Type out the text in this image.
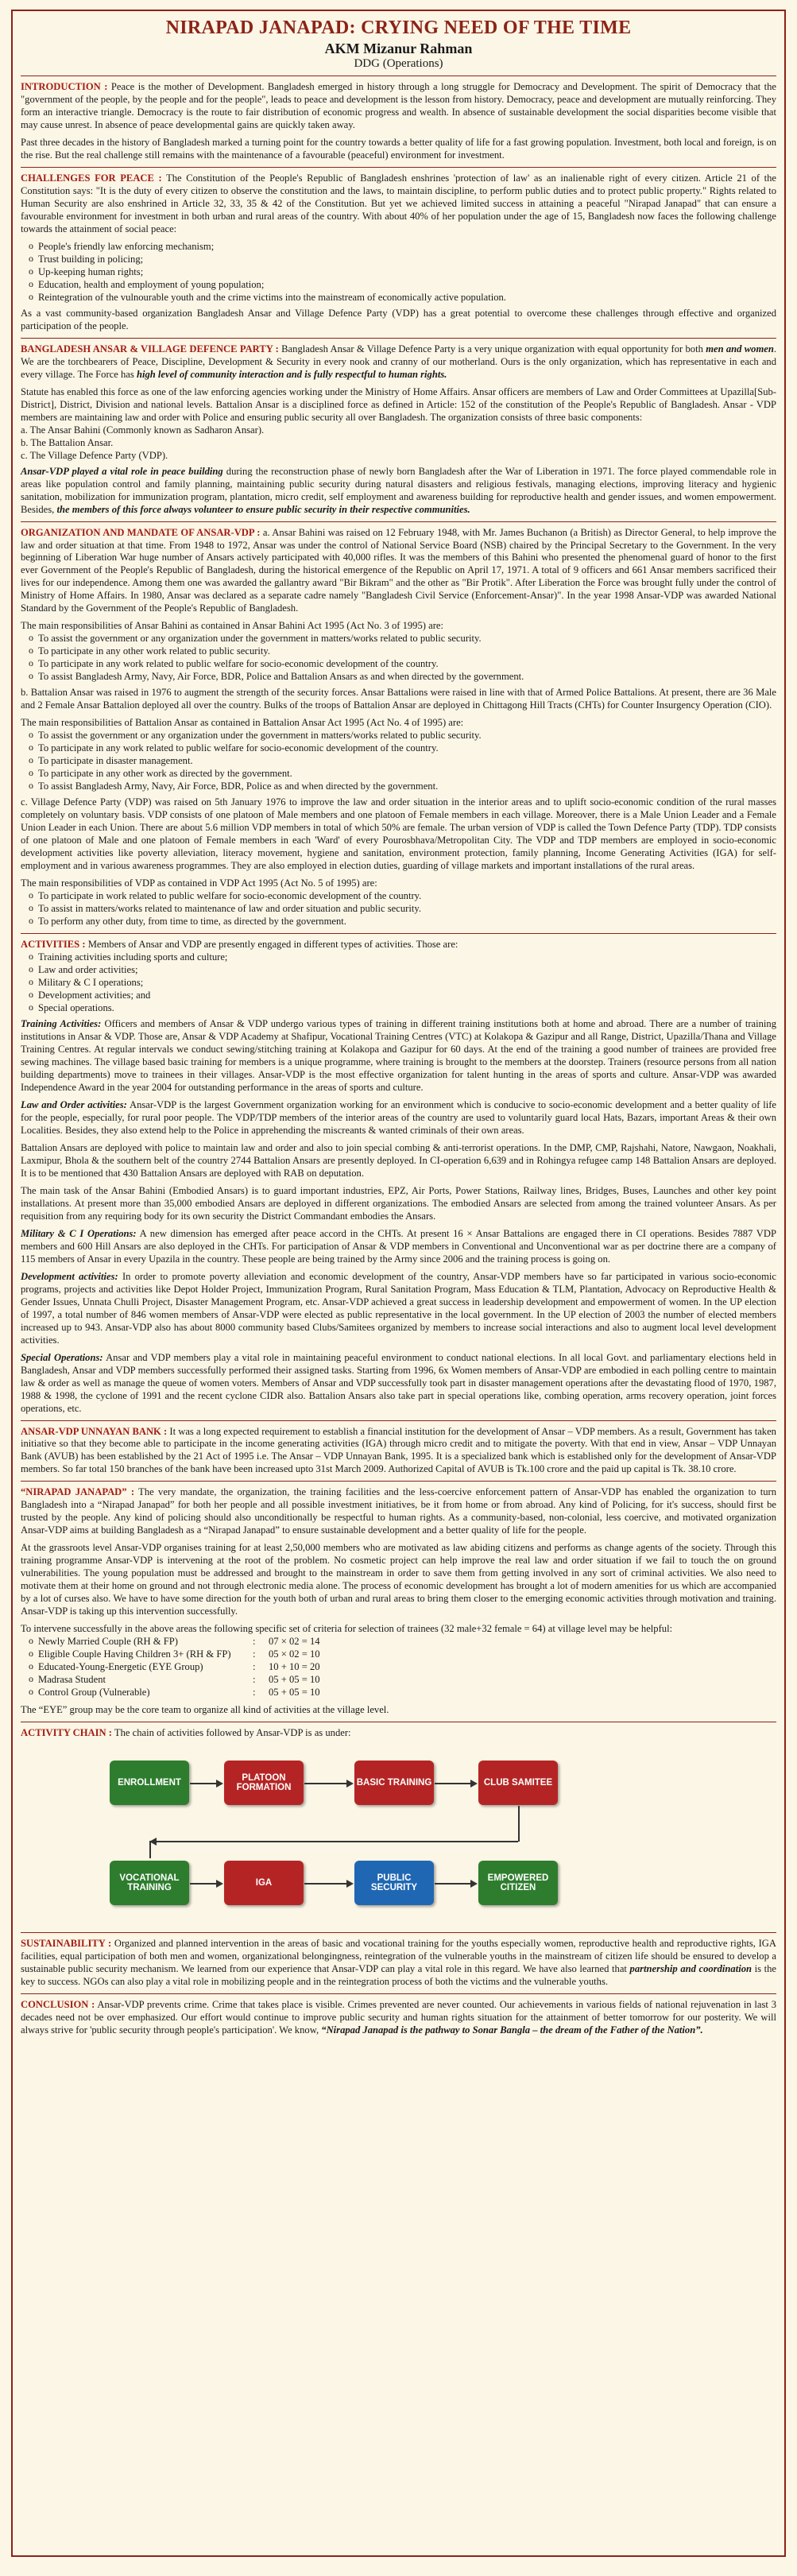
NIRAPAD JANAPAD: CRYING NEED OF THE TIME
AKM Mizanur Rahman
DDG (Operations)

INTRODUCTION : Peace is the mother of Development. Bangladesh emerged in history through a long struggle for Democracy and Development. The spirit of Democracy that the "government of the people, by the people and for the people", leads to peace and development is the lesson from history. Democracy, peace and development are mutually reinforcing. They form an interactive triangle. Democracy is the route to fair distribution of economic progress and wealth. In absence of sustainable development the social disparities become visible that may cause unrest. In absence of peace developmental gains are quickly taken away.

Past three decades in the history of Bangladesh marked a turning point for the country towards a better quality of life for a fast growing population. Investment, both local and foreign, is on the rise. But the real challenge still remains with the maintenance of a favourable (peaceful) environment for investment.

CHALLENGES FOR PEACE : The Constitution of the People's Republic of Bangladesh enshrines 'protection of law' as an inalienable right of every citizen. Article 21 of the Constitution says: "It is the duty of every citizen to observe the constitution and the laws, to maintain discipline, to perform public duties and to protect public property." Rights related to Human Security are also enshrined in Article 32, 33, 35 & 42 of the Constitution. But yet we achieved limited success in attaining a peaceful "Nirapad Janapad" that can ensure a favourable environment for investment in both urban and rural areas of the country. With about 40% of her population under the age of 15, Bangladesh now faces the following challenge towards the attainment of social peace:

o People's friendly law enforcing mechanism;
o Trust building in policing;
o Up-keeping human rights;
o Education, health and employment of young population;
o Reintegration of the vulnourable youth and the crime victims into the mainstream of economically active population.

As a vast community-based organization Bangladesh Ansar and Village Defence Party (VDP) has a great potential to overcome these challenges through effective and organized participation of the people.

BANGLADESH ANSAR & VILLAGE DEFENCE PARTY : Bangladesh Ansar & Village Defence Party is a very unique organization with equal opportunity for both men and women. We are the torchbearers of Peace, Discipline, Development & Security in every nook and cranny of our motherland. Ours is the only organization, which has representative in each and every village. The Force has high level of community interaction and is fully respectful to human rights.

Statute has enabled this force as one of the law enforcing agencies working under the Ministry of Home Affairs. Ansar officers are members of Law and Order Committees at Upazilla[Sub-District], District, Division and national levels. Battalion Ansar is a disciplined force as defined in Article: 152 of the constitution of the People's Republic of Bangladesh. Ansar - VDP members are maintaining law and order with Police and ensuring public security all over Bangladesh. The organization consists of three basic components:

a. The Ansar Bahini (Commonly known as Sadharon Ansar).
b. The Battalion Ansar.
c. The Village Defence Party (VDP).

Ansar-VDP played a vital role in peace building during the reconstruction phase of newly born Bangladesh after the War of Liberation in 1971. The force played commendable role in areas like population control and family planning, maintaining public security during natural disasters and religious festivals, managing elections, improving literacy and hygienic sanitation, mobilization for immunization program, plantation, micro credit, self employment and awareness building for reproductive health and gender issues, and women empowerment. Besides, the members of this force always volunteer to ensure public security in their respective communities.

ORGANIZATION AND MANDATE OF ANSAR-VDP : a. Ansar Bahini was raised on 12 February 1948, with Mr. James Buchanon (a British) as Director General, to help improve the law and order situation at that time. From 1948 to 1972, Ansar was under the control of National Service Board (NSB) chaired by the Principal Secretary to the Government. In the very beginning of Liberation War huge number of Ansars actively participated with 40,000 rifles. It was the members of this Bahini who presented the phenomenal guard of honor to the first ever Government of the People's Republic of Bangladesh, during the historical emergence of the Republic on April 17, 1971. A total of 9 officers and 661 Ansar members sacrificed their lives for our independence. Among them one was awarded the gallantry award "Bir Bikram" and the other as "Bir Protik". After Liberation the Force was brought fully under the control of Ministry of Home Affairs. In 1980, Ansar was declared as a separate cadre namely "Bangladesh Civil Service (Enforcement-Ansar)". In the year 1998 Ansar-VDP was awarded National Standard by the Government of the People's Republic of Bangladesh.

The main responsibilities of Ansar Bahini as contained in Ansar Bahini Act 1995 (Act No. 3 of 1995) are:

o To assist the government or any organization under the government in matters/works related to public security.
o To participate in any other work related to public security.
o To participate in any work related to public welfare for socio-economic development of the country.
o To assist Bangladesh Army, Navy, Air Force, BDR, Police and Battalion Ansars as and when directed by the government.

b. Battalion Ansar was raised in 1976 to augment the strength of the security forces. Ansar Battalions were raised in line with that of Armed Police Battalions. At present, there are 36 Male and 2 Female Ansar Battalion deployed all over the country. Bulks of the troops of Battalion Ansar are deployed in Chittagong Hill Tracts (CHTs) for Counter Insurgency Operation (CIO).

The main responsibilities of Battalion Ansar as contained in Battalion Ansar Act 1995 (Act No. 4 of 1995) are:

o To assist the government or any organization under the government in matters/works related to public security.
o To participate in any work related to public welfare for socio-economic development of the country.
o To participate in disaster management.
o To participate in any other work as directed by the government.
o To assist Bangladesh Army, Navy, Air Force, BDR, Police as and when directed by the government.

c. Village Defence Party (VDP) was raised on 5th January 1976 to improve the law and order situation in the interior areas and to uplift socio-economic condition of the rural masses completely on voluntary basis. VDP consists of one platoon of Male members and one platoon of Female members in each village. Moreover, there is a Male Union Leader and a Female Union Leader in each Union. There are about 5.6 million VDP members in total of which 50% are female. The urban version of VDP is called the Town Defence Party (TDP). TDP consists of one platoon of Male and one platoon of Female members in each 'Ward' of every Pourosbhava/Metropolitan City. The VDP and TDP members are employed in socio-economic development activities like poverty alleviation, literacy movement, hygiene and sanitation, environment protection, family planning, Income Generating Activities (IGA) for self-employment and in various awareness programmes. They are also employed in election duties, guarding of village markets and important installations of the rural areas.

The main responsibilities of VDP as contained in VDP Act 1995 (Act No. 5 of 1995) are:

o To participate in work related to public welfare for socio-economic development of the country.
o To assist in matters/works related to maintenance of law and order situation and public security.
o To perform any other duty, from time to time, as directed by the government.

ACTIVITIES : Members of Ansar and VDP are presently engaged in different types of activities. Those are:

o Training activities including sports and culture;
o Law and order activities;
o Military & C I operations;
o Development activities; and
o Special operations.

Training Activities: Officers and members of Ansar & VDP undergo various types of training in different training institutions both at home and abroad. There are a number of training institutions in Ansar & VDP. Those are, Ansar & VDP Academy at Shafipur, Vocational Training Centres (VTC) at Kolakopa & Gazipur and all Range, District, Upazilla/Thana and Village Training Centres. At regular intervals we conduct sewing/stitching training at Kolakopa and Gazipur for 60 days. At the end of the training a good number of trainees are provided free sewing machines. The village based basic training for members is a unique programme, where training is brought to the members at the doorstep. Trainers (resource persons from all nation building departments) move to trainees in their villages. Ansar-VDP is the most effective organization for talent hunting in the areas of sports and culture. Ansar-VDP was awarded Independence Award in the year 2004 for outstanding performance in the areas of sports and culture.

Law and Order activities: Ansar-VDP is the largest Government organization working for an environment which is conducive to socio-economic development and a better quality of life for the people, especially, for rural poor people. The VDP/TDP members of the interior areas of the country are used to voluntarily guard local Hats, Bazars, important Areas & their own Localities. Besides, they also extend help to the Police in apprehending the miscreants & wanted criminals of their own areas.

Battalion Ansars are deployed with police to maintain law and order and also to join special combing & anti-terrorist operations. In the DMP, CMP, Rajshahi, Natore, Nawgaon, Noakhali, Laxmipur, Bhola & the southern belt of the country 2744 Battalion Ansars are presently deployed. In CI-operation 6,639 and in Rohingya refugee camp 148 Battalion Ansars are deployed. It is to be mentioned that 430 Battalion Ansars are deployed with RAB on deputation.

The main task of the Ansar Bahini (Embodied Ansars) is to guard important industries, EPZ, Air Ports, Power Stations, Railway lines, Bridges, Buses, Launches and other key point installations. At present more than 35,000 embodied Ansars are deployed in different organizations. The embodied Ansars are selected from among the trained volunteer Ansars. As per requisition from any requiring body for its own security the District Commandant embodies the Ansars.

Military & C I Operations: A new dimension has emerged after peace accord in the CHTs. At present 16 × Ansar Battalions are engaged there in CI operations. Besides 7887 VDP members and 600 Hill Ansars are also deployed in the CHTs. For participation of Ansar & VDP members in Conventional and Unconventional war as per doctrine there are a company of 115 members of Ansar in every Upazila in the country. These people are being trained by the Army since 2006 and the training process is going on.

Development activities: In order to promote poverty alleviation and economic development of the country, Ansar-VDP members have so far participated in various socio-economic programs, projects and activities like Depot Holder Project, Immunization Program, Rural Sanitation Program, Mass Education & TLM, Plantation, Advocacy on Reproductive Health & Gender Issues, Unnata Chulli Project, Disaster Management Program, etc. Ansar-VDP achieved a great success in leadership development and empowerment of women. In the UP election of 1997, a total number of 846 women members of Ansar-VDP were elected as public representative in the local government. In the UP election of 2003 the number of elected members increased up to 943. Ansar-VDP also has about 8000 community based Clubs/Samitees organized by members to increase social interactions and also to augment local level development activities.

Special Operations: Ansar and VDP members play a vital role in maintaining peaceful environment to conduct national elections. In all local Govt. and parliamentary elections held in Bangladesh, Ansar and VDP members successfully performed their assigned tasks. Starting from 1996, 6x Women members of Ansar-VDP are embodied in each polling centre to maintain law & order as well as manage the queue of women voters. Members of Ansar and VDP successfully took part in disaster management operations after the devastating flood of 1970, 1987, 1988 & 1998, the cyclone of 1991 and the recent cyclone CIDR also. Battalion Ansars also take part in special operations like, combing operation, arms recovery operation, joint forces operations, etc.

ANSAR-VDP UNNAYAN BANK : It was a long expected requirement to establish a financial institution for the development of Ansar – VDP members. As a result, Government has taken initiative so that they become able to participate in the income generating activities (IGA) through micro credit and to mitigate the poverty. With that end in view, Ansar – VDP Unnayan Bank (AVUB) has been established by the 21 Act of 1995 i.e. The Ansar – VDP Unnayan Bank, 1995. It is a specialized bank which is established only for the development of Ansar-VDP members. So far total 150 branches of the bank have been increased upto 31st March 2009. Authorized Capital of AVUB is Tk.100 crore and the paid up capital is Tk. 38.10 crore.

“NIRAPAD JANAPAD” : The very mandate, the organization, the training facilities and the less-coercive enforcement pattern of Ansar-VDP has enabled the organization to turn Bangladesh into a “Nirapad Janapad” for both her people and all possible investment initiatives, be it from home or from abroad. Any kind of Policing, for it's success, should first be trusted by the people. Any kind of policing should also unconditionally be respectful to human rights. As a community-based, non-colonial, less coercive, and motivated organization Ansar-VDP aims at building Bangladesh as a “Nirapad Janapad” to ensure sustainable development and a better quality of life for the people.

At the grassroots level Ansar-VDP organises training for at least 2,50,000 members who are motivated as law abiding citizens and performs as change agents of the society. Through this training programme Ansar-VDP is intervening at the root of the problem. No cosmetic project can help improve the real law and order situation if we fail to touch the on ground vulnerabilities. The young population must be addressed and brought to the mainstream in order to save them from getting involved in any sort of criminal activities. We also need to motivate them at their home on ground and not through electronic media alone. The process of economic development has brought a lot of modern amenities for us which are accompanied by a lot of curses also. We have to have some direction for the youth both of urban and rural areas to bring them closer to the emerging economic activities through motivation and training. Ansar-VDP is taking up this intervention successfully.

To intervene successfully in the above areas the following specific set of criteria for selection of trainees (32 male+32 female = 64) at village level may be helpful:

o Newly Married Couple (RH & FP)	:	07 × 02 = 14
o Eligible Couple Having Children 3+ (RH & FP)	:	05 × 02 = 10
o Educated-Young-Energetic (EYE Group)	:	10 + 10 = 20
o Madrasa Student	:	05 + 05 = 10
o Control Group (Vulnerable)	:	05 + 05 = 10

The “EYE” group may be the core team to organize all kind of activities at the village level.

ACTIVITY CHAIN : The chain of activities followed by Ansar-VDP is as under:

ENROLLMENT	PLATOON FORMATION	BASIC TRAINING	CLUB SAMITEE
VOCATIONAL TRAINING	IGA	PUBLIC SECURITY
EMPOWERED CITIZEN

SUSTAINABILITY : Organized and planned intervention in the areas of basic and vocational training for the youths especially women, reproductive health and reproductive rights, IGA facilities, equal participation of both men and women, organizational belongingness, reintegration of the vulnerable youths in the mainstream of citizen life should be ensured to develop a sustainable public security mechanism. We learned from our experience that Ansar-VDP can play a vital role in this regard. We have also learned that partnership and coordination is the key to success. NGOs can also play a vital role in mobilizing people and in the reintegration process of both the victims and the vulnerable youths.

CONCLUSION : Ansar-VDP prevents crime. Crime that takes place is visible. Crimes prevented are never counted. Our achievements in various fields of national rejuvenation in last 3 decades need not be over emphasized. Our effort would continue to improve public security and human rights situation for the attainment of better tomorrow for our posterity. We will always strive for 'public security through people's participation'. We know, “Nirapad Janapad is the pathway to Sonar Bangla – the dream of the Father of the Nation”.
